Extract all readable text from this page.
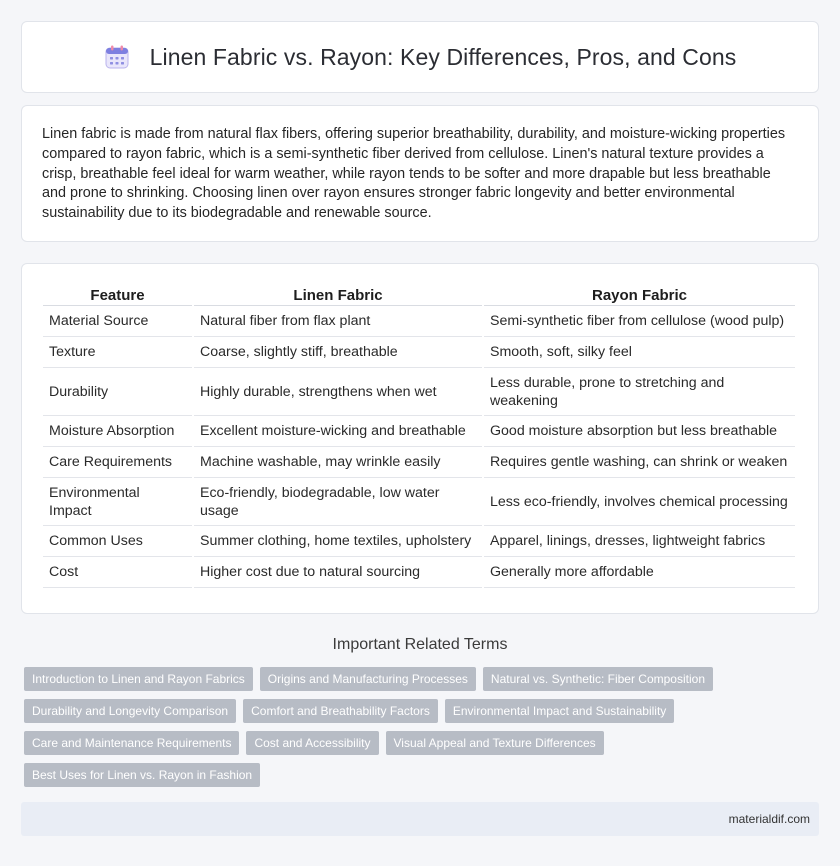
Linen Fabric vs. Rayon: Key Differences, Pros, and Cons

Linen fabric is made from natural flax fibers, offering superior breathability, durability, and moisture-wicking properties compared to rayon fabric, which is a semi-synthetic fiber derived from cellulose. Linen's natural texture provides a crisp, breathable feel ideal for warm weather, while rayon tends to be softer and more drapable but less breathable and prone to shrinking. Choosing linen over rayon ensures stronger fabric longevity and better environmental sustainability due to its biodegradable and renewable source.

Feature	Linen Fabric	Rayon Fabric
Material Source	Natural fiber from flax plant	Semi-synthetic fiber from cellulose (wood pulp)
Texture	Coarse, slightly stiff, breathable	Smooth, soft, silky feel
Durability	Highly durable, strengthens when wet	Less durable, prone to stretching and weakening
Moisture Absorption	Excellent moisture-wicking and breathable	Good moisture absorption but less breathable
Care Requirements	Machine washable, may wrinkle easily	Requires gentle washing, can shrink or weaken
Environmental Impact	Eco-friendly, biodegradable, low water usage	Less eco-friendly, involves chemical processing
Common Uses	Summer clothing, home textiles, upholstery	Apparel, linings, dresses, lightweight fabrics
Cost	Higher cost due to natural sourcing	Generally more affordable
Important Related Terms
Introduction to Linen and Rayon Fabrics	Origins and Manufacturing Processes	Natural vs. Synthetic: Fiber Composition
Durability and Longevity Comparison	Comfort and Breathability Factors	Environmental Impact and Sustainability
Care and Maintenance Requirements	Cost and Accessibility	Visual Appeal and Texture Differences
Best Uses for Linen vs. Rayon in Fashion
materialdif.com
